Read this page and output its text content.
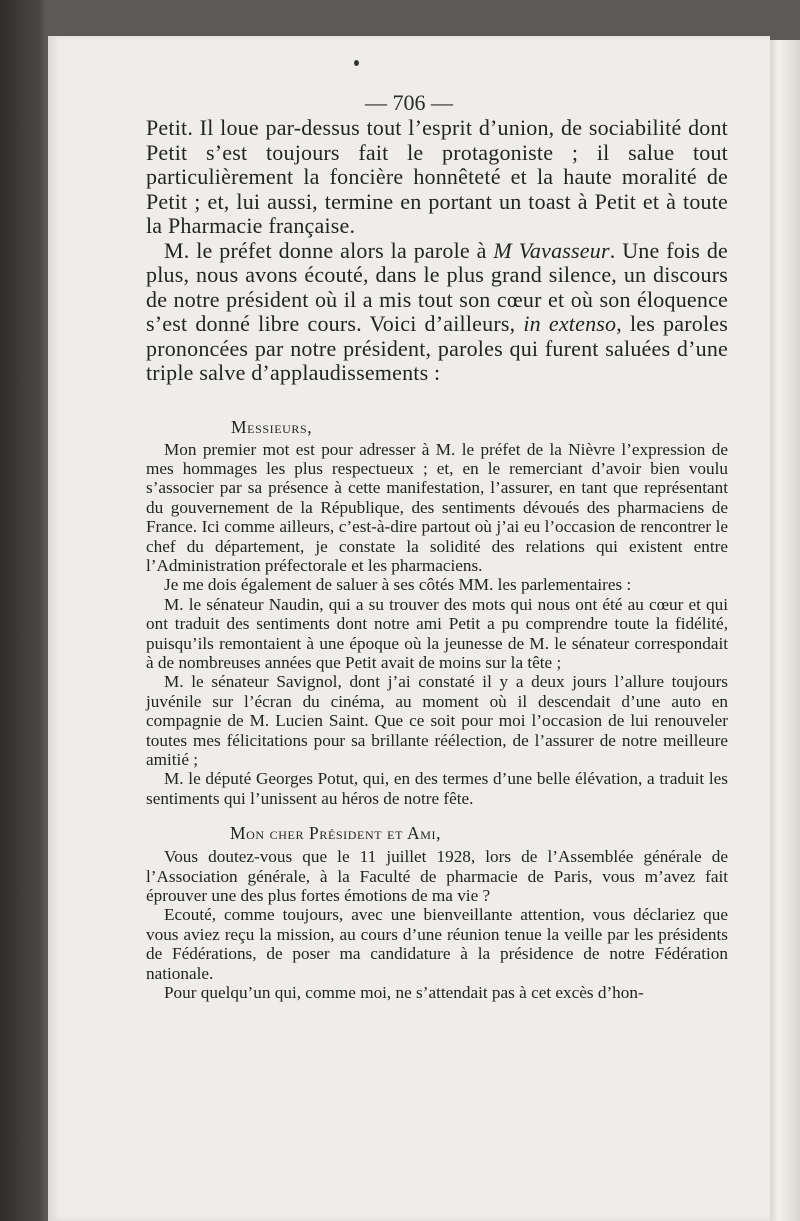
— 706 —

Petit. Il loue par-dessus tout l’esprit d’union, de sociabilité dont Petit s’est toujours fait le protagoniste ; il salue tout particulièrement la foncière honnêteté et la haute moralité de Petit ; et, lui aussi, termine en portant un toast à Petit et à toute la Pharmacie française.

M. le préfet donne alors la parole à M Vavasseur. Une fois de plus, nous avons écouté, dans le plus grand silence, un discours de notre président où il a mis tout son cœur et où son éloquence s’est donné libre cours. Voici d’ailleurs, in extenso, les paroles prononcées par notre président, paroles qui furent saluées d’une triple salve d’applaudissements :

Messieurs,

Mon premier mot est pour adresser à M. le préfet de la Nièvre l’expression de mes hommages les plus respectueux ; et, en le remerciant d’avoir bien voulu s’associer par sa présence à cette manifestation, l’assurer, en tant que représentant du gouvernement de la République, des sentiments dévoués des pharmaciens de France. Ici comme ailleurs, c’est-à-dire partout où j’ai eu l’occasion de rencontrer le chef du département, je constate la solidité des relations qui existent entre l’Administration préfectorale et les pharmaciens.

Je me dois également de saluer à ses côtés MM. les parlementaires :

M. le sénateur Naudin, qui a su trouver des mots qui nous ont été au cœur et qui ont traduit des sentiments dont notre ami Petit a pu comprendre toute la fidélité, puisqu’ils remontaient à une époque où la jeunesse de M. le sénateur correspondait à de nombreuses années que Petit avait de moins sur la tête ;

M. le sénateur Savignol, dont j’ai constaté il y a deux jours l’allure toujours juvénile sur l’écran du cinéma, au moment où il descendait d’une auto en compagnie de M. Lucien Saint. Que ce soit pour moi l’occasion de lui renouveler toutes mes félicitations pour sa brillante réélection, de l’assurer de notre meilleure amitié ;

M. le député Georges Potut, qui, en des termes d’une belle élévation, a traduit les sentiments qui l’unissent au héros de notre fête.

Mon cher Président et Ami,

Vous doutez-vous que le 11 juillet 1928, lors de l’Assemblée générale de l’Association générale, à la Faculté de pharmacie de Paris, vous m’avez fait éprouver une des plus fortes émotions de ma vie ?

Ecouté, comme toujours, avec une bienveillante attention, vous déclariez que vous aviez reçu la mission, au cours d’une réunion tenue la veille par les présidents de Fédérations, de poser ma candidature à la présidence de notre Fédération nationale.

Pour quelqu’un qui, comme moi, ne s’attendait pas à cet excès d’hon-
